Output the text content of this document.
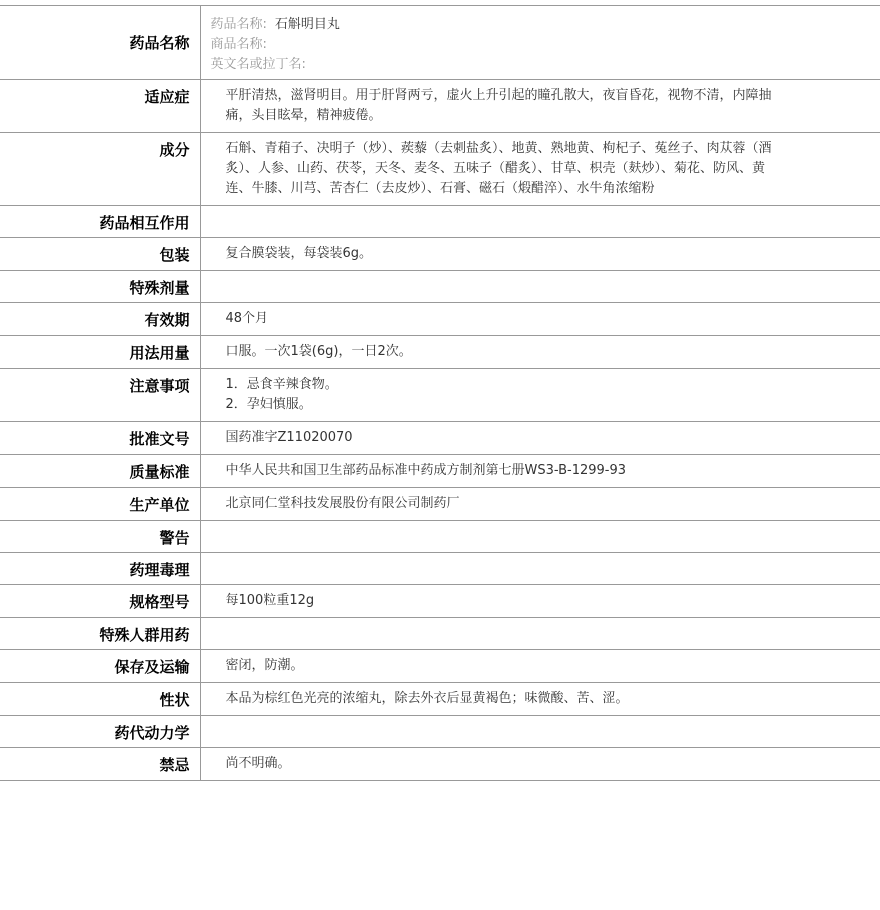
药品名称	药品名称: 石斛明目丸
商品名称:
英文名或拉丁名:

适应症	平肝清热，滋肾明目。用于肝肾两亏，虚火上升引起的瞳孔散大，夜盲昏花，视物不清，内障抽痛，头目眩晕，精神疲倦。
成分	石斛、青葙子、决明子（炒）、蒺藜（去刺盐炙）、地黄、熟地黄、枸杞子、菟丝子、肉苁蓉（酒炙）、人参、山药、茯苓，天冬、麦冬、五味子（醋炙）、甘草、枳壳（麸炒）、菊花、防风、黄连、牛膝、川芎、苦杏仁（去皮炒）、石膏、磁石（煅醋淬）、水牛角浓缩粉
药品相互作用	
包装	复合膜袋装，每袋装6g。
特殊剂量	
有效期	48个月
用法用量	口服。一次1袋(6g)，一日2次。
注意事项	1．忌食辛辣食物。
2．孕妇慎服。

批准文号	国药准字Z11020070
质量标准	中华人民共和国卫生部药品标准中药成方制剂第七册WS3-B-1299-93
生产单位	北京同仁堂科技发展股份有限公司制药厂
警告	
药理毒理	
规格型号	每100粒重12g
特殊人群用药	
保存及运输	密闭，防潮。
性状	本品为棕红色光亮的浓缩丸，除去外衣后显黄褐色；味微酸、苦、涩。
药代动力学	
禁忌	尚不明确。
